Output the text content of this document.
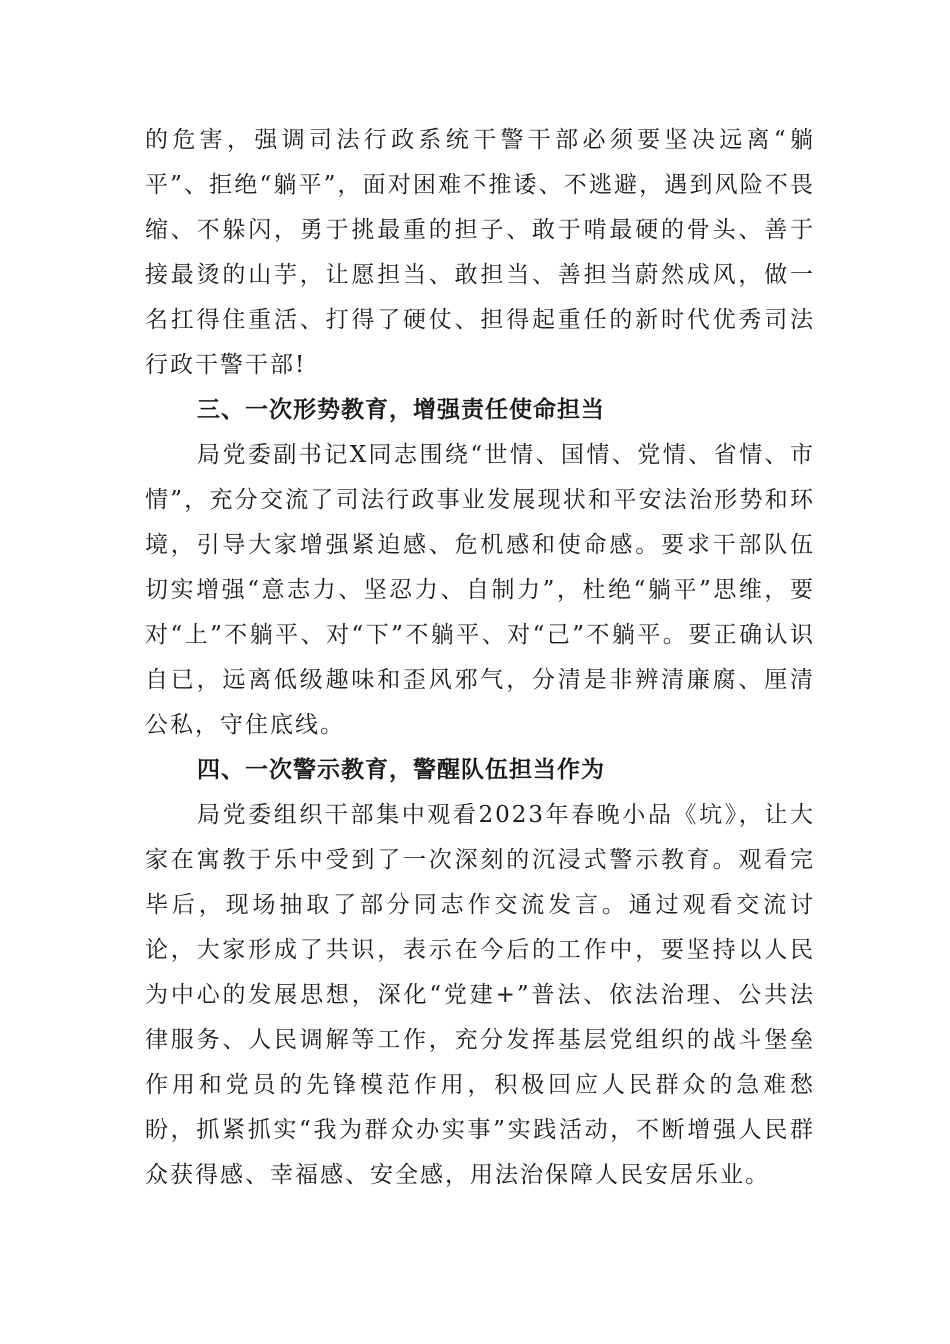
的危害，强调司法行政系统干警干部必须要坚决远离“躺平”、拒绝“躺平”，面对困难不推诿、不逃避，遇到风险不畏缩、不躲闪，勇于挑最重的担子、敢于啃最硬的骨头、善于接最烫的山芋，让愿担当、敢担当、善担当蔚然成风，做一名扛得住重活、打得了硬仗、担得起重任的新时代优秀司法行政干警干部!

三、一次形势教育，增强责任使命担当

局党委副书记X同志围绕“世情、国情、党情、省情、市情”，充分交流了司法行政事业发展现状和平安法治形势和环境，引导大家增强紧迫感、危机感和使命感。要求干部队伍切实增强“意志力、坚忍力、自制力”，杜绝“躺平”思维，要对“上”不躺平、对“下”不躺平、对“己”不躺平。要正确认识自已，远离低级趣味和歪风邪气，分清是非辨清廉腐、厘清公私，守住底线。

四、一次警示教育，警醒队伍担当作为

局党委组织干部集中观看2023年春晚小品《坑》，让大家在寓教于乐中受到了一次深刻的沉浸式警示教育。观看完毕后，现场抽取了部分同志作交流发言。通过观看交流讨论，大家形成了共识，表示在今后的工作中，要坚持以人民为中心的发展思想，深化“党建+”普法、依法治理、公共法律服务、人民调解等工作，充分发挥基层党组织的战斗堡垒作用和党员的先锋模范作用，积极回应人民群众的急难愁盼，抓紧抓实“我为群众办实事”实践活动，不断增强人民群众获得感、幸福感、安全感，用法治保障人民安居乐业。
